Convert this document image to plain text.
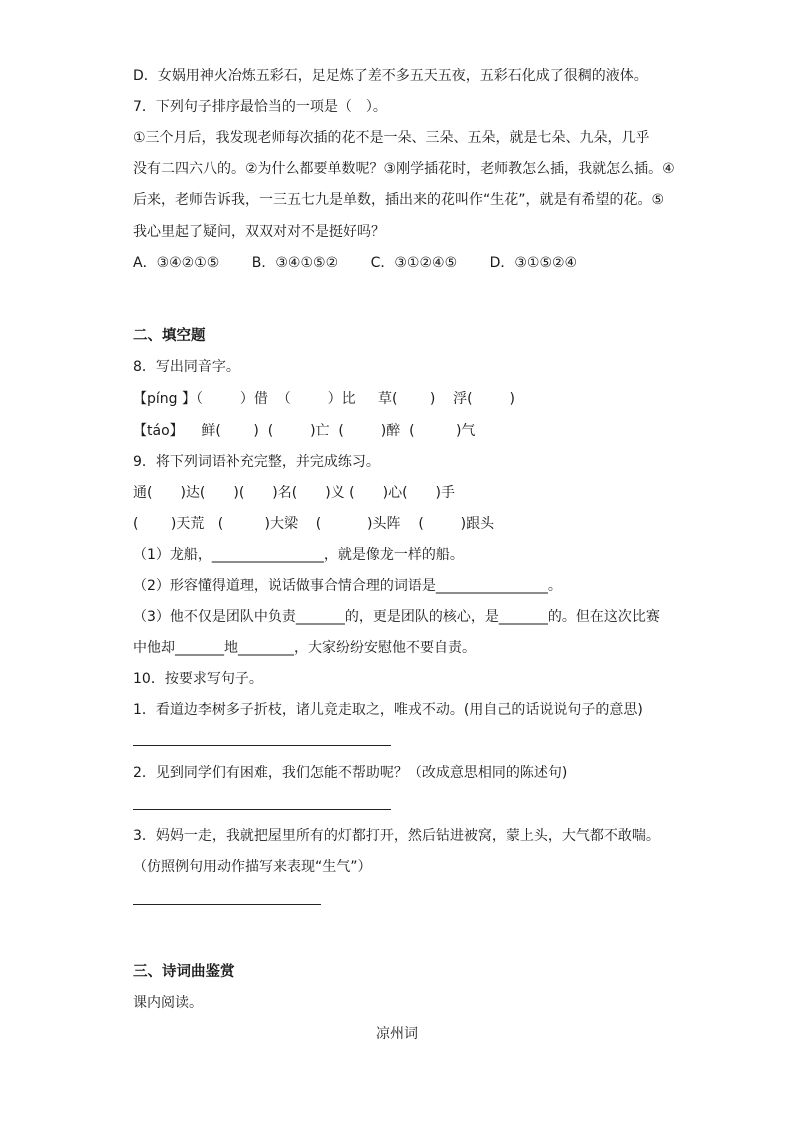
D．女娲用神火冶炼五彩石，足足炼了差不多五天五夜，五彩石化成了很稠的液体。

7．下列句子排序最恰当的一项是（　）。

①三个月后，我发现老师每次插的花不是一朵、三朵、五朵，就是七朵、九朵，几乎

没有二四六八的。②为什么都要单数呢？③刚学插花时，老师教怎么插，我就怎么插。④

后来，老师告诉我，一三五七九是单数，插出来的花叫作“生花”，就是有希望的花。⑤

我心里起了疑问，双双对对不是挺好吗？

A．③④②①⑤　　 B．③④①⑤②　　 C．③①②④⑤　　 D．③①⑤②④

二、填空题

8．写出同音字。

【píng 】（　　  ）借  （　　  ）比     草(　　 )    浮(　　  )

【táo】    鲜(　　 )  (　　  )亡  (　　  )醉  (　　   )气

9．将下列词语补充完整，并完成练习。

通(　　)达(　　)(　　)名(　　)义 (　　)心(　　)手

(　　 )天荒   (　　   )大梁    (　　    )头阵    (　　  )跟头

（1）龙船，________________，就是像龙一样的船。

（2）形容懂得道理，说话做事合情合理的词语是________________。

（3）他不仅是团队中负责_______的，更是团队的核心，是_______的。但在这次比赛

中他却_______地________，大家纷纷安慰他不要自责。

10．按要求写句子。

1．看道边李树多子折枝，诸儿竞走取之，唯戎不动。(用自己的话说说句子的意思)

2．见到同学们有困难，我们怎能不帮助呢？（改成意思相同的陈述句)

3．妈妈一走，我就把屋里所有的灯都打开，然后钻进被窝，蒙上头，大气都不敢喘。

（仿照例句用动作描写来表现“生气”）

三、诗词曲鉴赏

课内阅读。

凉州词
